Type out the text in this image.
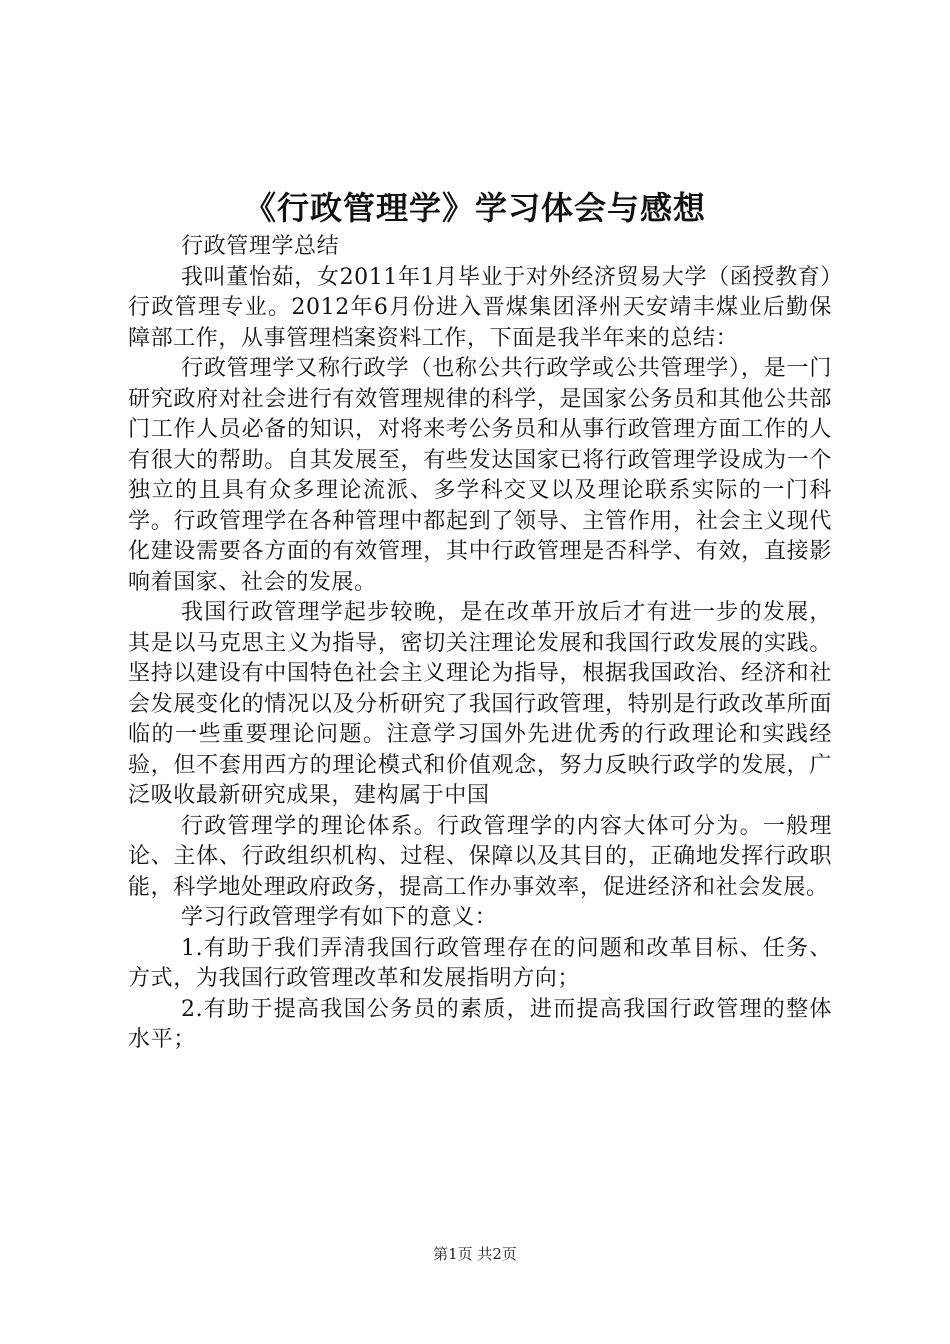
《行政管理学》学习体会与感想

行政管理学总结

我叫董怡茹，女2011年1月毕业于对外经济贸易大学（函授教育）行政管理专业。2012年6月份进入晋煤集团泽州天安靖丰煤业后勤保障部工作，从事管理档案资料工作，下面是我半年来的总结：

行政管理学又称行政学（也称公共行政学或公共管理学），是一门研究政府对社会进行有效管理规律的科学，是国家公务员和其他公共部门工作人员必备的知识，对将来考公务员和从事行政管理方面工作的人有很大的帮助。自其发展至，有些发达国家已将行政管理学设成为一个独立的且具有众多理论流派、多学科交叉以及理论联系实际的一门科学。行政管理学在各种管理中都起到了领导、主管作用，社会主义现代化建设需要各方面的有效管理，其中行政管理是否科学、有效，直接影响着国家、社会的发展。

我国行政管理学起步较晚，是在改革开放后才有进一步的发展，其是以马克思主义为指导，密切关注理论发展和我国行政发展的实践。坚持以建设有中国特色社会主义理论为指导，根据我国政治、经济和社会发展变化的情况以及分析研究了我国行政管理，特别是行政改革所面临的一些重要理论问题。注意学习国外先进优秀的行政理论和实践经验，但不套用西方的理论模式和价值观念，努力反映行政学的发展，广泛吸收最新研究成果，建构属于中国

行政管理学的理论体系。行政管理学的内容大体可分为。一般理论、主体、行政组织机构、过程、保障以及其目的，正确地发挥行政职能，科学地处理政府政务，提高工作办事效率，促进经济和社会发展。

学习行政管理学有如下的意义：

1.有助于我们弄清我国行政管理存在的问题和改革目标、任务、方式，为我国行政管理改革和发展指明方向；

2.有助于提高我国公务员的素质，进而提高我国行政管理的整体水平；

第1页 共2页
